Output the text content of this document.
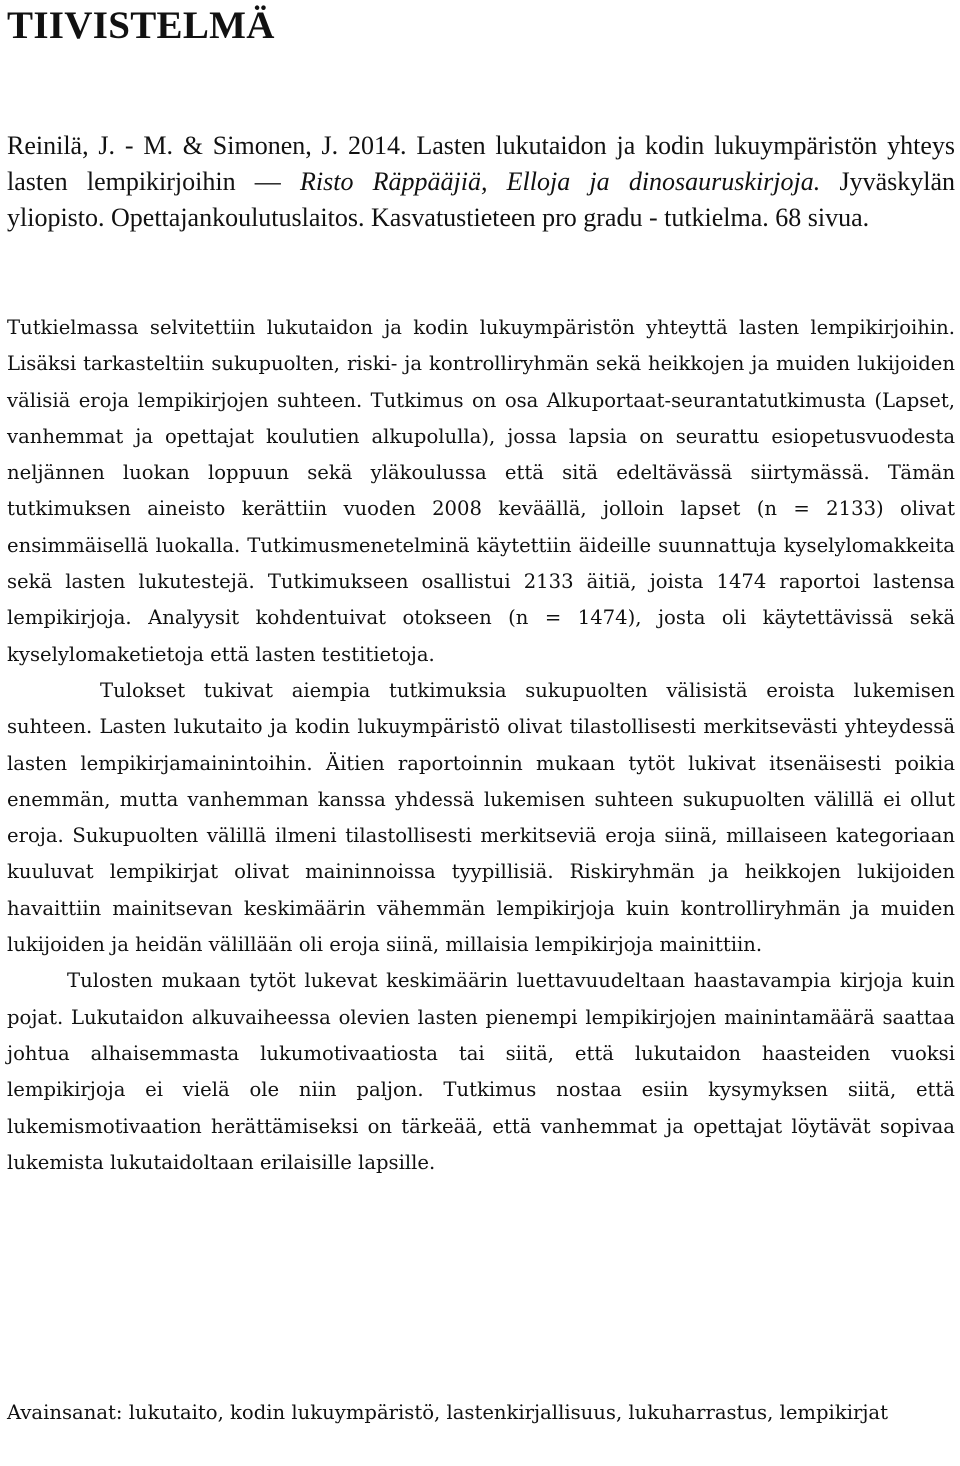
TIIVISTELMÄ

Reinilä, J. - M. & Simonen, J. 2014. Lasten lukutaidon ja kodin lukuympäristön yhteys lasten lempikirjoihin — Risto Räppääjiä, Elloja ja dinosauruskirjoja. Jyväskylän yliopisto. Opettajankoulutuslaitos. Kasvatustieteen pro gradu - tutkielma. 68 sivua.

Tutkielmassa selvitettiin lukutaidon ja kodin lukuympäristön yhteyttä lasten lempikirjoihin. Lisäksi tarkasteltiin sukupuolten, riski- ja kontrolliryhmän sekä heikkojen ja muiden lukijoiden välisiä eroja lempikirjojen suhteen. Tutkimus on osa Alkuportaat-seurantatutkimusta (Lapset, vanhemmat ja opettajat koulutien alkupolulla), jossa lapsia on seurattu esiopetusvuodesta neljännen luokan loppuun sekä yläkoulussa että sitä edeltävässä siirtymässä. Tämän tutkimuksen aineisto kerättiin vuoden 2008 keväällä, jolloin lapset (n = 2133) olivat ensimmäisellä luokalla. Tutkimusmenetelminä käytettiin äideille suunnattuja kyselylomakkeita sekä lasten lukutestejä. Tutkimukseen osallistui 2133 äitiä, joista 1474 raportoi lastensa lempikirjoja. Analyysit kohdentuivat otokseen (n = 1474), josta oli käytettävissä sekä kyselylomaketietoja että lasten testitietoja.

Tulokset tukivat aiempia tutkimuksia sukupuolten välisistä eroista lukemisen suhteen. Lasten lukutaito ja kodin lukuympäristö olivat tilastollisesti merkitsevästi yhteydessä lasten lempikirjamainintoihin. Äitien raportoinnin mukaan tytöt lukivat itsenäisesti poikia enemmän, mutta vanhemman kanssa yhdessä lukemisen suhteen sukupuolten välillä ei ollut eroja. Sukupuolten välillä ilmeni tilastollisesti merkitseviä eroja siinä, millaiseen kategoriaan kuuluvat lempikirjat olivat maininnoissa tyypillisiä. Riskiryhmän ja heikkojen lukijoiden havaittiin mainitsevan keskimäärin vähemmän lempikirjoja kuin kontrolliryhmän ja muiden lukijoiden ja heidän välillään oli eroja siinä, millaisia lempikirjoja mainittiin.

Tulosten mukaan tytöt lukevat keskimäärin luettavuudeltaan haastavampia kirjoja kuin pojat. Lukutaidon alkuvaiheessa olevien lasten pienempi lempikirjojen mainintamäärä saattaa johtua alhaisemmasta lukumotivaatiosta tai siitä, että lukutaidon haasteiden vuoksi lempikirjoja ei vielä ole niin paljon. Tutkimus nostaa esiin kysymyksen siitä, että lukemismotivaation herättämiseksi on tärkeää, että vanhemmat ja opettajat löytävät sopivaa lukemista lukutaidoltaan erilaisille lapsille.

Avainsanat: lukutaito, kodin lukuympäristö, lastenkirjallisuus, lukuharrastus, lempikirjat
